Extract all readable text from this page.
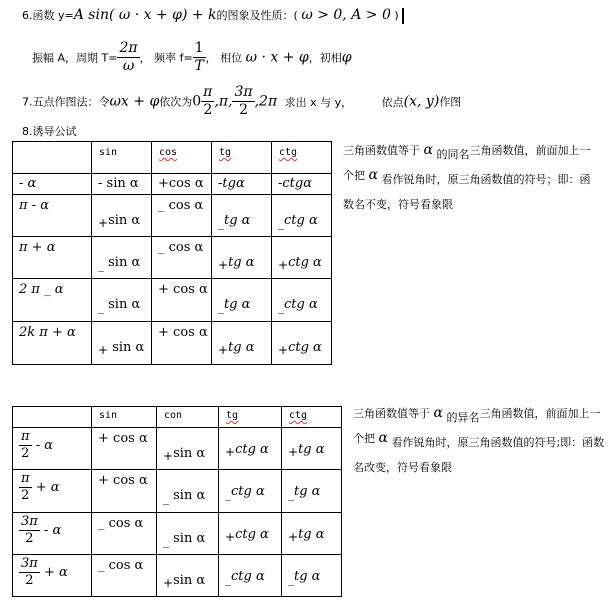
6.函数 y=A sin( ω · x + φ) + k的图象及性质：( ω > 0, A > 0 )
振幅 A，周期 $T= \frac{2\pi}{\omega}$ ， 频率 $f= \frac{1}{T}$ ， 相位 ω · x + φ，初相φ
7.五点作图法：令ωx + φ依次为$0 \frac{\pi}{2} ,\pi$, $\frac{3\pi}{2} ,2\pi$ 求出 x 与 y，	依点(x, y)作图
8.诱导公试

	sin	cos	tg	ctg

- α	- sin α	+cos α	-tgα	-ctgα

π - α	+sin α	_ cos α	_tg α	_ctg α

π + α	_ sin α	_ cos α	+tg α	+ctg α

2 π _ α	_ sin α	+ cos α	_tg α	_ctg α

2k π + α	+ sin α	+ cos α	+tg α	+ctg α
三角函数值等于 α 的同名三角函数值，前面加上一个把 α 看作锐角时，原三角函数值的符号；即：函数名不变，符号看象限

	sin	con	tg	ctg

$\frac{\pi}{2}$ - α	+ cos α	+sin α	+ctg α	+tg α

$\frac{\pi}{2} + \alpha$	+ cos α	_ sin α	_ctg α	_tg α

$\frac{3\pi}{2}$ - α	_ cos α	_ sin α	+ctg α	+tg α

$\frac{3\pi}{2} + \alpha$	_ cos α	+sin α	_ctg α	_tg α
三角函数值等于 α 的异名三角函数值，前面加上一个把 α 看作锐角时，原三角函数值的符号;即：函数名改变，符号看象限
